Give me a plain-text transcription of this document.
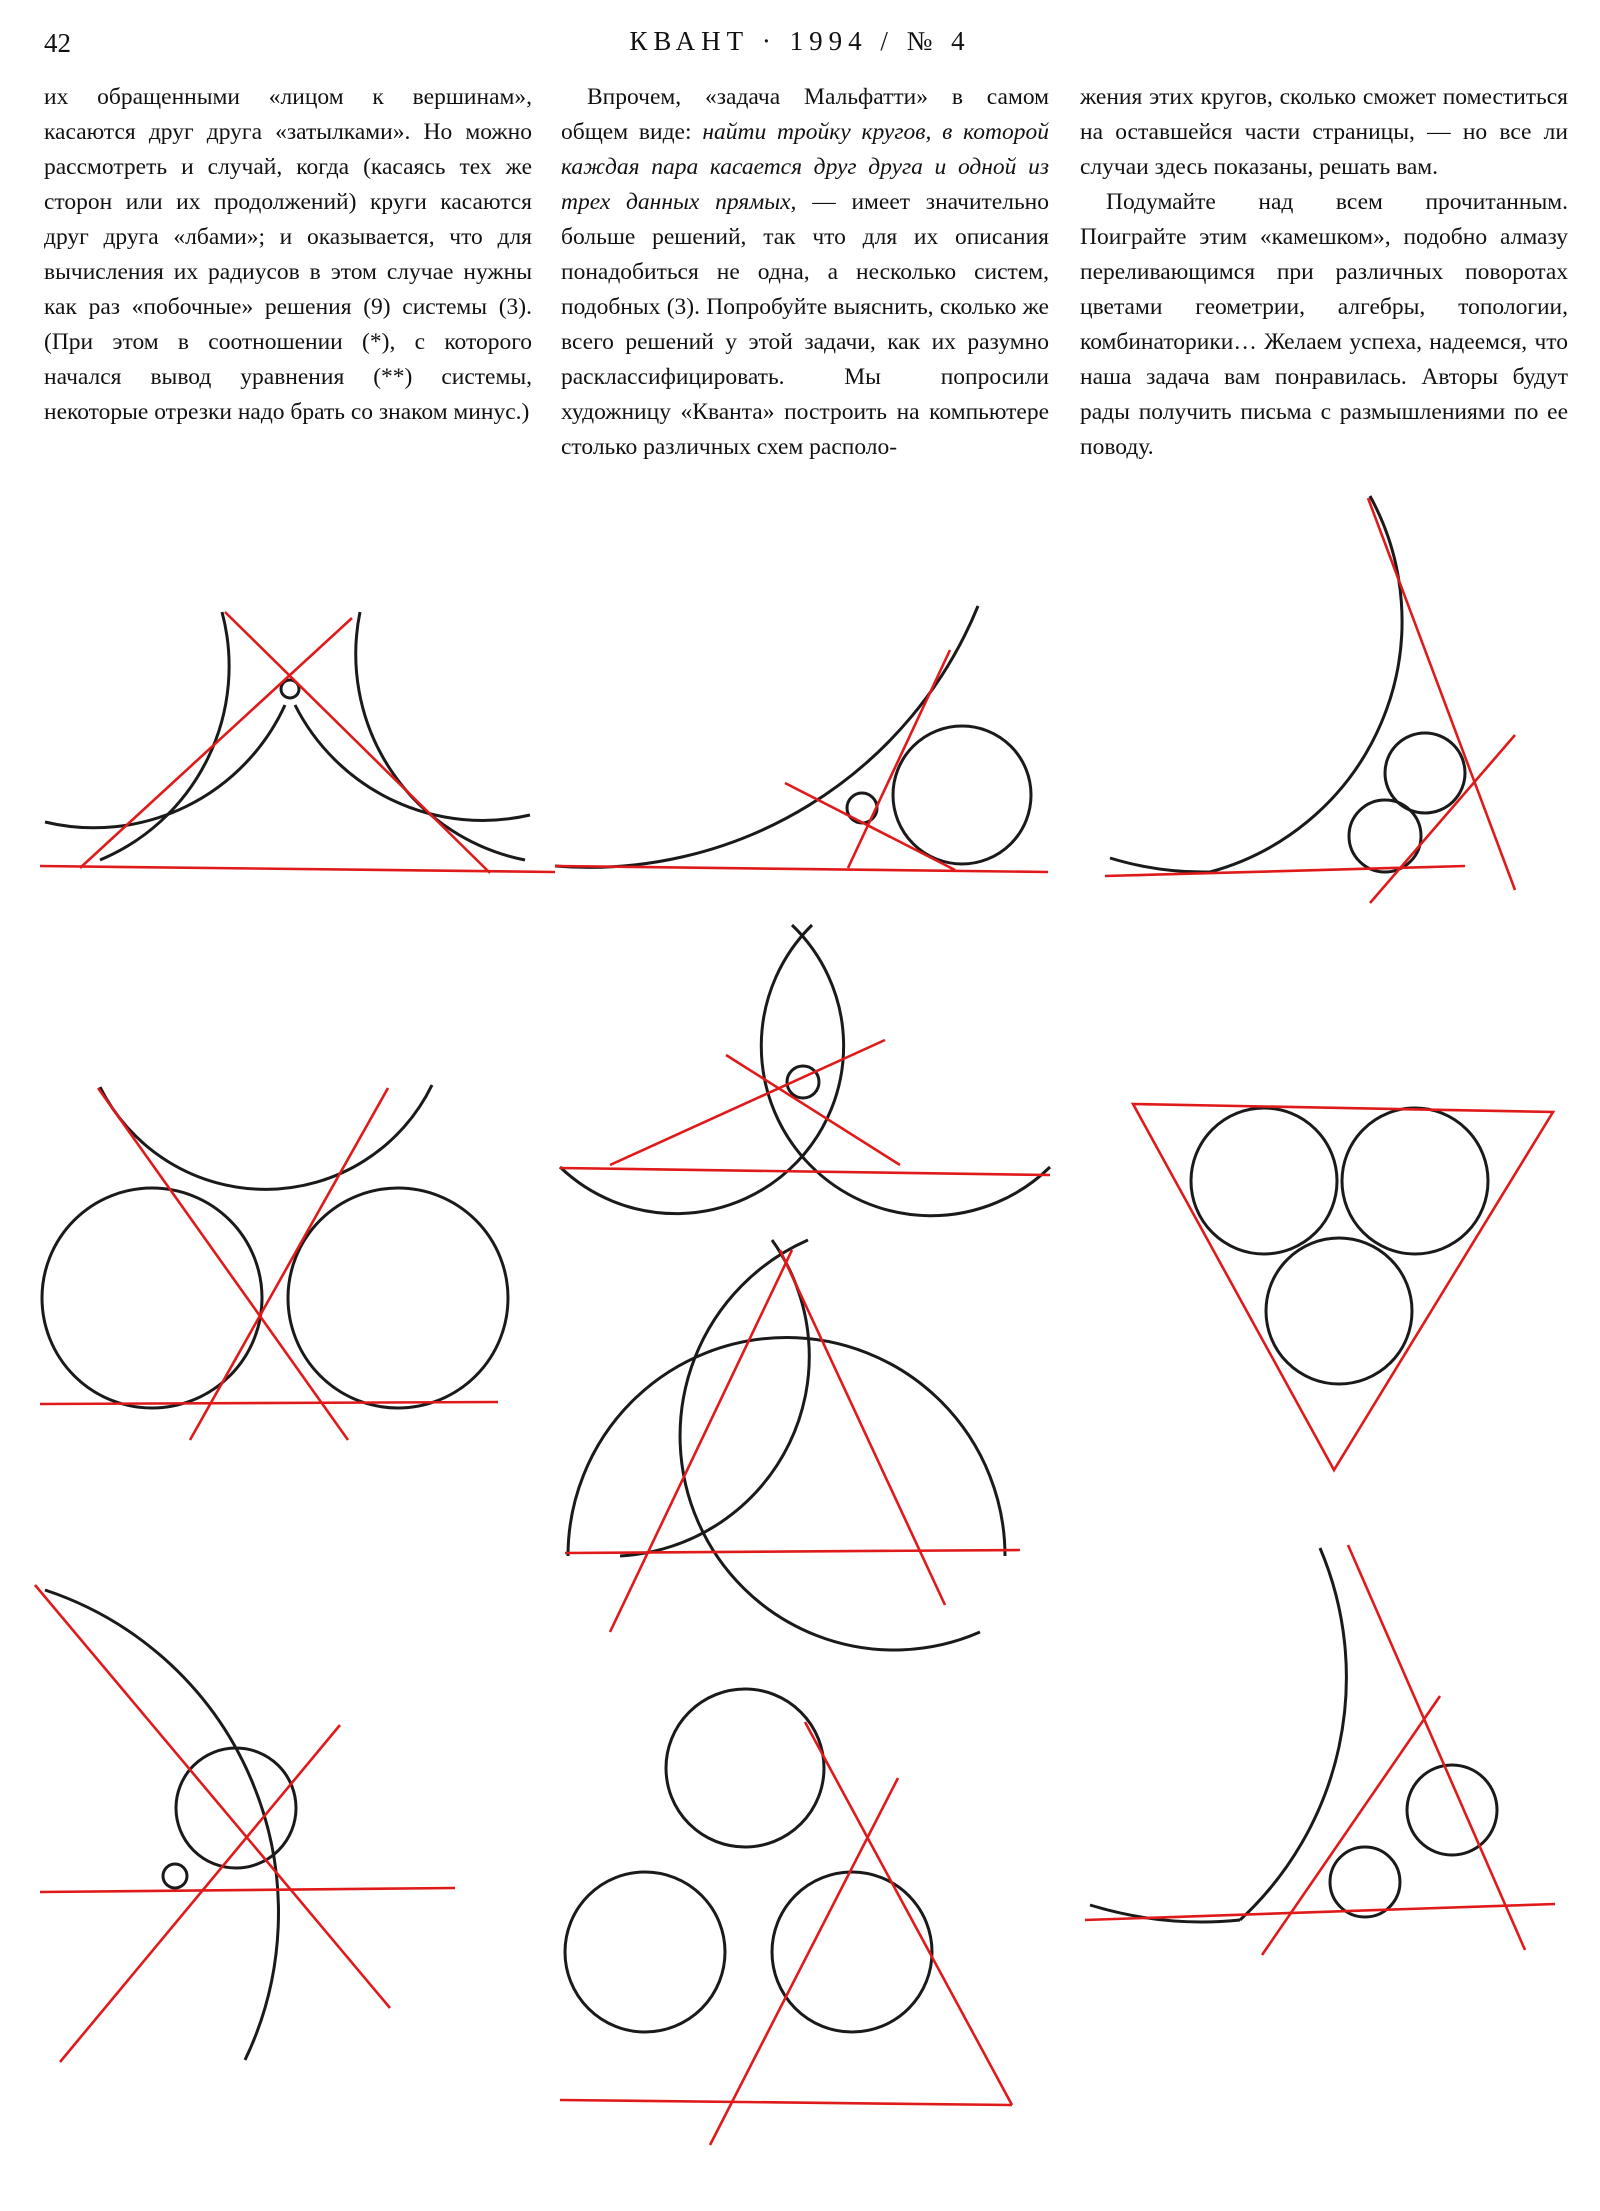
42	КВАНТ · 1994 / № 4

их обращенными «лицом к вершинам», касаются друг друга «затылками». Но можно рассмотреть и случай, когда (касаясь тех же сторон или их продолжений) круги касаются друг друга «лбами»; и оказывается, что для вычисления их радиусов в этом случае нужны как раз «побочные» решения (9) системы (3). (При этом в соотношении (*), с которого начался вывод уравнения (**) системы, некоторые отрезки надо брать со знаком минус.)

Впрочем, «задача Мальфатти» в самом общем виде: найти тройку кругов, в которой каждая пара касается друг друга и одной из трех данных прямых, — имеет значительно больше решений, так что для их описания понадобиться не одна, а несколько систем, подобных (3). Попробуйте выяснить, сколько же всего решений у этой задачи, как их разумно расклассифицировать. Мы попросили художницу «Кванта» построить на компьютере столько различных схем располо-

жения этих кругов, сколько сможет поместиться на оставшейся части страницы, — но все ли случаи здесь показаны, решать вам.

Подумайте над всем прочитанным. Поиграйте этим «камешком», подобно алмазу переливающимся при различных поворотах цветами геометрии, алгебры, топологии, комбинаторики… Желаем успеха, надеемся, что наша задача вам понравилась. Авторы будут рады получить письма с размышлениями по ее поводу.
